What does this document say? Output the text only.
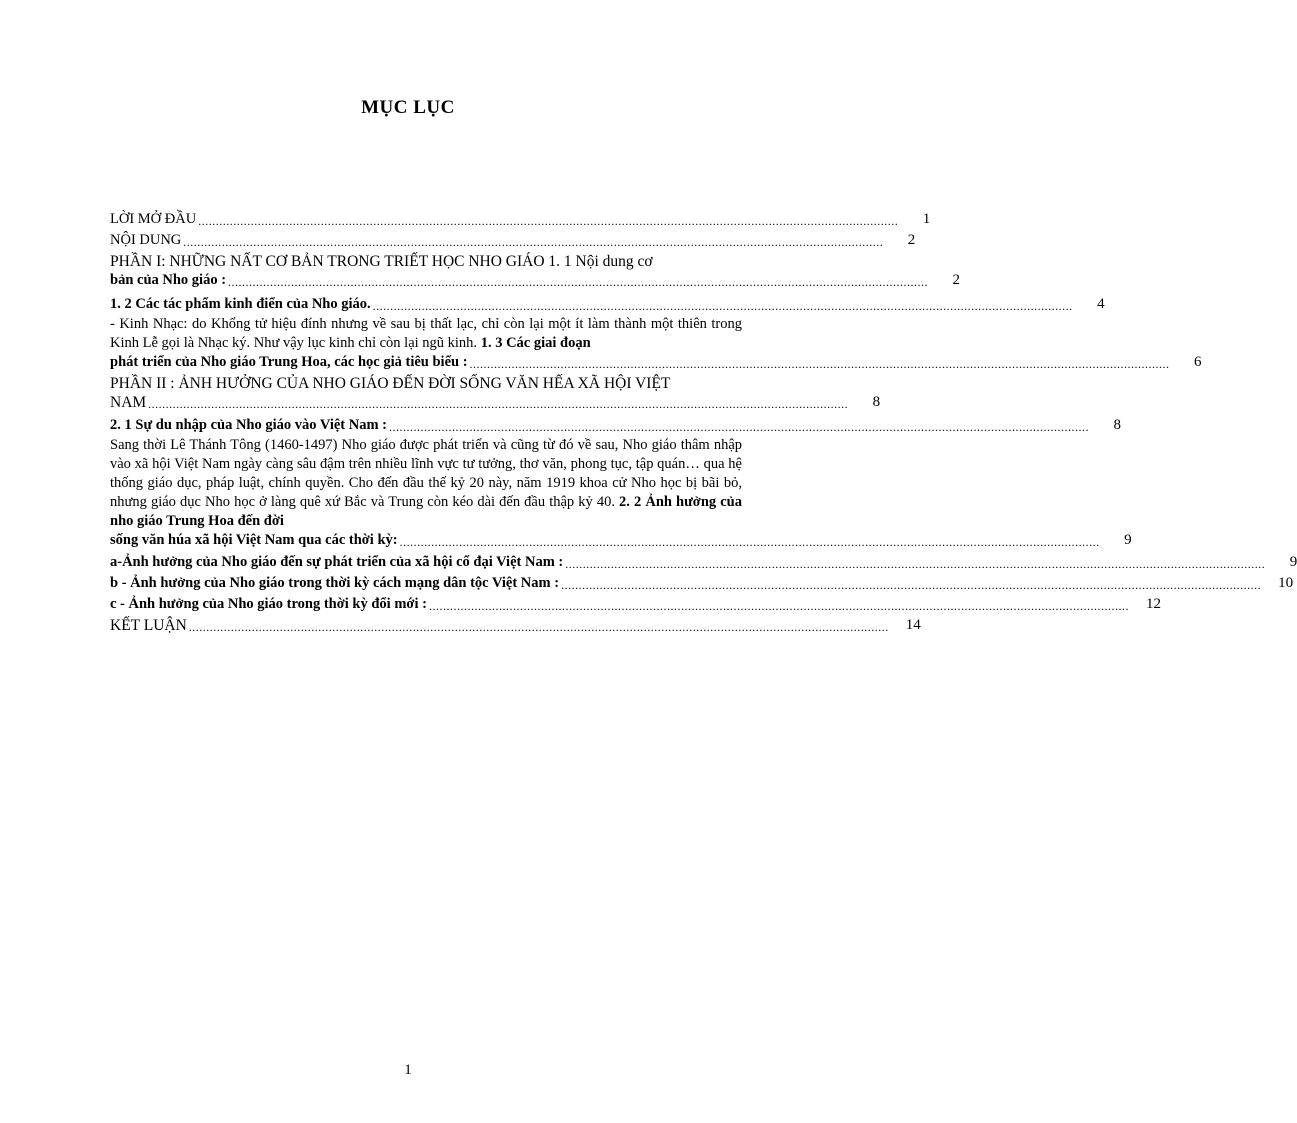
MỤC LỤC
LỜI MỞ ĐẦU ........................................................................................................................................................................................................	1
NỘI DUNG ........................................................................................................................................................................................................	2
PHẦN I: NHỮNG NẤT CƠ BẢN TRONG TRIẾT HỌC NHO GIÁO 1. 1 Nội dung cơ
bản của Nho giáo : ........................................................................................................................................................................................................	2
1. 2 Các tác phẩm kinh điển của Nho giáo. ........................................................................................................................................................................................................	4
- Kinh Nhạc: do Khổng tử hiệu đính nhưng về sau bị thất lạc, chỉ còn lại một ít làm thành một thiên trong Kinh Lễ gọi là Nhạc ký. Như vậy lục kinh chỉ còn lại ngũ kinh. 1. 3 Các giai đoạn
phát triển của Nho giáo Trung Hoa, các học giả tiêu biểu : ........................................................................................................................................................................................................	6
PHẦN II : ẢNH HƯỞNG CỦA NHO GIÁO ĐẾN ĐỜI SỐNG VĂN HẾA XÃ HỘI VIỆT
NAM ........................................................................................................................................................................................................	8
2. 1 Sự du nhập của Nho giáo vào Việt Nam : ........................................................................................................................................................................................................	8
Sang thời Lê Thánh Tông (1460-1497) Nho giáo được phát triển và cũng từ đó về sau, Nho giáo thâm nhập vào xã hội Việt Nam ngày càng sâu đậm trên nhiều lĩnh vực tư tưởng, thơ văn, phong tục, tập quán… qua hệ thống giáo dục, pháp luật, chính quyền. Cho đến đầu thế kỷ 20 này, năm 1919 khoa cử Nho học bị bãi bỏ, nhưng giáo dục Nho học ở làng quê xứ Bắc và Trung còn kéo dài đến đầu thập kỷ 40. 2. 2 Ảnh hưởng của nho giáo Trung Hoa đến đời
sống văn húa xã hội Việt Nam qua các thời kỳ: ........................................................................................................................................................................................................	9
a-Ảnh hưởng của Nho giáo đến sự phát triển của xã hội cổ đại Việt Nam : ........................................................................................................................................................................................................	9
b - Ảnh hưởng của Nho giáo trong thời kỳ cách mạng dân tộc Việt Nam : ........................................................................................................................................................................................................	10
c - Ảnh hưởng của Nho giáo trong thời kỳ đổi mới : ........................................................................................................................................................................................................	12
KẾT LUẬN ........................................................................................................................................................................................................	14
1
